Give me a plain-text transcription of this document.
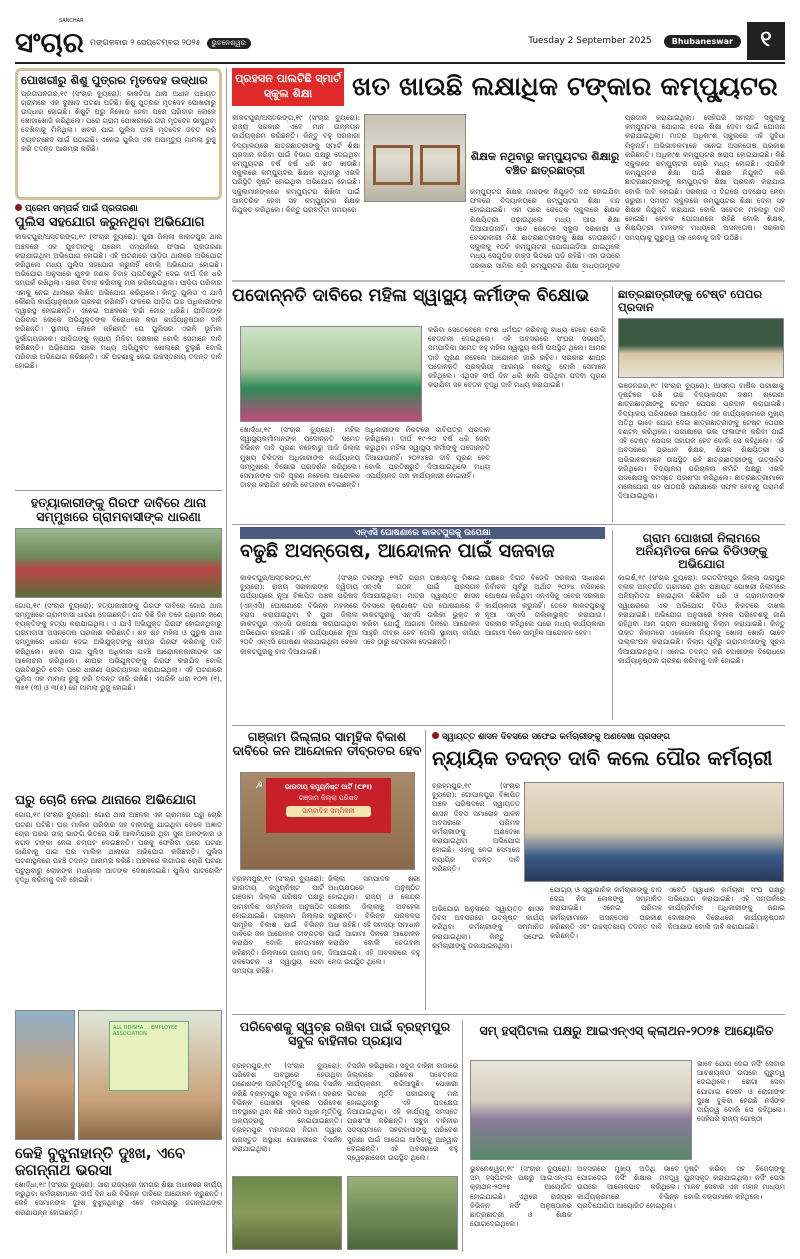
SANCHAR
ସଂଚାର ମଙ୍ଗଳବାର ୨ ସେପ୍ଟେମ୍ବର ୨୦୨୫	ଭୁବନେଶ୍ୱର	Tuesday 2 September 2025	Bhubaneswar	୧
ପୋଖରୀରୁ ଶିଶୁ ପୁତ୍ରର ମୃତଦେହ ଉଦ୍ଧାର
ପ୍ରତାପନଗର,୧୯ (ସଂଚାର ବ୍ୟୁରୋ): କାକଟିଆ ଥାନା ଅଧୀନ ପଞ୍ଚାୟତ ଗ୍ରାମରେ ଏକ ଦୁଃଖଦ ଘଟଣା ଘଟିଛି। ଶିଶୁ ପୁତ୍ରର ମୃତଦେହ ପୋଖରୀରୁ ଉଦ୍ଧାର ହୋଇଛି। ଶିଶୁଟି ଘରୁ ନିଖୋଜ ହେବା ପରେ ପରିବାର ଲୋକେ ଖୋଜାଖୋଜି କରିଥିଲେ। ପରେ ଗ୍ରାମ ପୋଖରୀରେ ତାର ମୃତଦେହ ଭାସୁଥିବା ଦେଖିବାକୁ ମିଳିଥିଲା। ଖବର ପାଇ ପୁଲିସ ପହଞ୍ଚି ମୃତଦେହ ଜବତ କରି ବ୍ୟବଚ୍ଛେଦ ପାଇଁ ପଠାଇଛି। ଏନେଇ ପୁଲିସ ଏକ ଅପମୃତ୍ୟୁ ମାମଲା ରୁଜୁ କରି ତଦନ୍ତ ଆରମ୍ଭ କରିଛି।
ପ୍ରେମ ସମ୍ପର୍କ ପାଇଁ ପ୍ରତାରଣା
ପୁଲିସ ସହଯୋଗ କରୁନଥିବା ଅଭିଯୋଗ
କାକଟପୁର/ଅସ୍ତରଙ୍ଗ,୧୯ (ସଂଚାର ବ୍ୟୁରୋ): ପୁରୀ ଜିଲ୍ଲା କାକଟପୁର ଥାନା ଅଞ୍ଚଳରେ ଏକ ଯୁବତୀଙ୍କୁ ପ୍ରେମ ସମ୍ପର୍କରେ ଫସାଇ ପ୍ରତାରଣା କରାଯାଇଥିବା ଅଭିଯୋଗ ହୋଇଛି। ଏହି ଘଟଣାରେ ପୀଡ଼ିତା ଥାନାରେ ଅଭିଯୋଗ କରିଥିଲେ ମଧ୍ୟ ପୁଲିସ ସହଯୋଗ କରୁନାହିଁ ବୋଲି ଅଭିଯୋଗ ହୋଇଛି। ଅଭିଯୋଗ ଅନୁସାରେ ଯୁବକ ଜଣକ ବିବାହ ପ୍ରତିଶ୍ରୁତି ଦେଇ ଦୀର୍ଘ ଦିନ ଧରି ସମ୍ପର୍କ ରଖିଥିଲା। ପରେ ବିବାହ କରିବାକୁ ମନା କରିଦେଇଥିଲା। ପୀଡ଼ିତା ପରିବାର ଏହାକୁ ନେଇ ଥାନାରେ ଲିଖିତ ଅଭିଯୋଗ କରିଥିଲେ। କିନ୍ତୁ ପୁଲିସ ଏ ଯାଏଁ କୌଣସି କାର୍ଯ୍ୟାନୁଷ୍ଠାନ ଗ୍ରହଣ କରିନାହିଁ। ଫଳରେ ପୀଡ଼ିତା ଉଚ୍ଚ ଅଧିକାରୀଙ୍କ ଦ୍ୱାରସ୍ଥ ହୋଇଛନ୍ତି। ଏନେଇ ଅଞ୍ଚଳରେ ଚର୍ଚ୍ଚା ଜୋର ଧରିଛି। ପୀଡ଼ିତାଙ୍କ ପରିବାର ଲୋକେ ଅଭିଯୁକ୍ତଙ୍କ ବିରୋଧରେ କଡ଼ା କାର୍ଯ୍ୟାନୁଷ୍ଠାନ ଦାବି କରିଛନ୍ତି। ସ୍ଥାନୀୟ ଲୋକେ କହିଛନ୍ତି ଯେ ପୁଲିସର ଏଭଳି ଭୂମିକା ଦୁର୍ଭାଗ୍ୟଜନକ। ପୀଡ଼ିତାଙ୍କୁ ନ୍ୟାୟ ମିଳିବା ଦରକାର ବୋଲି ସେମାନେ ଦାବି କରିଛନ୍ତି। ଅଭିଯୋଗ ପରେ ମଧ୍ୟ ଅଭିଯୁକ୍ତ ଖୋଲାରେ ବୁଲୁଛି ବୋଲି ପରିବାର ଅଭିଯୋଗ କରିଛନ୍ତି। ଏହି ଘଟଣାକୁ ନେଇ ଉଚ୍ଚସ୍ତରୀୟ ତଦନ୍ତ ଦାବି ହୋଇଛି।
ହତ୍ୟାକାରୀଙ୍କୁ ଗିରଫ ଦାବିରେ ଥାନା ସମ୍ମୁଖରେ ଗ୍ରାମବାସୀଙ୍କ ଧାରଣା
ଗୋପ,୧୯ (ସଂଚାର ବ୍ୟୁରୋ): ହତ୍ୟାକାରୀଙ୍କୁ ଗିରଫ ଦାବିରେ ଗୋପ ଥାନା ସମ୍ମୁଖରେ ଗ୍ରାମବାସୀ ଧାରଣା ଦେଇଛନ୍ତି। ଗତ କିଛି ଦିନ ତଳେ ଗ୍ରାମର ଜଣେ ବ୍ୟକ୍ତିଙ୍କୁ ହତ୍ୟା କରାଯାଇଥିଲା। ଏ ଯାଏଁ ଅଭିଯୁକ୍ତ ଗିରଫ ହୋଇନଥିବାରୁ ଗ୍ରାମବାସୀ ଅସନ୍ତୋଷ ପ୍ରକାଶ କରିଛନ୍ତି। ଶହ ଶହ ମହିଳା ଓ ପୁରୁଷ ଥାନା ସମ୍ମୁଖରେ ଧାରଣା ଦେଇ ଅଭିଯୁକ୍ତଙ୍କୁ ଶୀଘ୍ର ଗିରଫ କରିବାକୁ ଦାବି କରିଥିଲେ। ଖବର ପାଇ ପୁଲିସ ଅଧିକାରୀ ପହଞ୍ଚି ଆନ୍ଦୋଳନକାରୀଙ୍କ ସହ ଆଲୋଚନା କରିଥିଲେ। ଶୀଘ୍ର ଅଭିଯୁକ୍ତଙ୍କୁ ଗିରଫ କରାଯିବ ବୋଲି ପ୍ରତିଶ୍ରୁତି ଦେବା ପରେ ଧାରଣା ପ୍ରତ୍ୟାହାର କରାଯାଇଥିଲା। ଏହି ଘଟଣାରେ ପୁଲିସ ଏକ ମାମଲା ରୁଜୁ କରି ତଦନ୍ତ ଜାରି ରଖିଛି। ଏପରିକି ଧାରା ୧୦୩ (୧), ୩୫୧ (୩) ଓ ୩(୫) ରେ ମାମଲା ରୁଜୁ ହୋଇଛି।
ଘରୁ ଚୋରି ନେଇ ଥାନାରେ ଅଭିଯୋଗ
ଗୋପ,୧୯ (ସଂଚାର ବ୍ୟୁରୋ): ଗୋପ ଥାନା ଅଞ୍ଚଳର ଏକ ଗ୍ରାମରେ ଘରୁ ଚୋରି ଘଟଣା ଘଟିଛି। ଘର ମାଲିକ ପରିବାର ସହ ବାହାରକୁ ଯାଇଥିବା ବେଳେ ଅଜ୍ଞାତ ଚୋର ଘରର ତାଲା ଭାଙ୍ଗି ଭିତରେ ପଶି ଆଲମିରାରେ ଥିବା ସୁନା ଅଳଙ୍କାର ଓ ନଗଦ ଟଙ୍କା ନେଇ ଚମ୍ପଟ ଦେଇଛନ୍ତି। ଘରକୁ ଫେରିବା ପରେ ଘଟଣା ଜାଣିବାକୁ ପାଇ ଘର ମାଲିକ ଥାନାରେ ଅଭିଯୋଗ କରିଛନ୍ତି। ପୁଲିସ ଘଟଣାସ୍ଥଳରେ ପହଞ୍ଚି ତଦନ୍ତ ଆରମ୍ଭ କରିଛି। ଅଞ୍ଚଳରେ ଲଗାତାର ଚୋରି ଘଟଣା ଘଟୁଥିବାରୁ ଲୋକଙ୍କ ମଧ୍ୟରେ ଆତଙ୍କ ଦେଖାଦେଇଛି। ପୁଲିସ ପାଟ୍ରୋଲିଂ ବୃଦ୍ଧି କରିବାକୁ ଦାବି ହୋଇଛି।
ALL ODISHA ... EMPLOYEE ASSOCIATION
କେହି ବୁଝୁନାହାନ୍ତି ଦୁଃଖ, ଏବେ ଜଗନ୍ନାଥ ଭରସା
ଖୋର୍ଦ୍ଧା,୧୯ (ସଂଚାର ବ୍ୟୁରୋ): ସାରା ରାଜ୍ୟରେ ସମଗ୍ର ଶିକ୍ଷା ଅଧୀନରେ କାର୍ଯ୍ୟ କରୁଥିବା କର୍ମଚାରୀମାନେ ଦୀର୍ଘ ଦିନ ଧରି ବିଭିନ୍ନ ଦାବିରେ ଆନ୍ଦୋଳନ କରୁଛନ୍ତି। କେହି ସେମାନଙ୍କ ଦୁଃଖ ବୁଝୁନଥିବାରୁ ଏବେ ମହାପ୍ରଭୁ ଜଗନ୍ନାଥଙ୍କ ଶରଣାପନ୍ନ ହୋଇଛନ୍ତି।
ପ୍ରହସନ ପାଲଟିଛି ସ୍ମାର୍ଟ ସ୍କୁଲ ଶିକ୍ଷା	ଖତ ଖାଉଛି ଲକ୍ଷାଧିକ ଟଙ୍କାର କମ୍ପ୍ୟୁଟର
କାକଟପୁର/ଅସ୍ତରଙ୍ଗ,୧୯ (ସଂଚାର ବ୍ୟୁରୋ): ରାଜ୍ୟ ସରକାର ଏବେ ମାନ ଉନ୍ନୟନ କାର୍ଯ୍ୟକ୍ରମ କରିଛନ୍ତି। କିନ୍ତୁ ବହୁ ସରକାରୀ ବିଦ୍ୟାଳୟରେ ଛାତ୍ରଛାତ୍ରୀଙ୍କୁ ସ୍ମାର୍ଟ ଶିକ୍ଷା ପ୍ରଦାନ କରିବା ପାଇଁ ବିଭାଗ ପକ୍ଷରୁ ଦେଇଥିବା କମ୍ପ୍ୟୁଟର ବର୍ଷ ବର୍ଷ ଧରି ଖତ ଖାଉଛି। ସ୍କୁଲରେ କମ୍ପ୍ୟୁଟର ଶିକ୍ଷକ ନଥିବାରୁ ଏଭଳି ପରିସ୍ଥିତି ସୃଷ୍ଟି ହୋଇଥିବା ଅଭିଯୋଗ ହୋଇଛି। ସ୍କୁଲମାନଙ୍କରେ କମ୍ପ୍ୟୁଟର ଶିଖିବା ପାଇଁ ଆନ୍ତରିକ ହେବା ସହ କମ୍ପ୍ୟୁଟର ଶିକ୍ଷକ ନିଯୁକ୍ତ କରିଥିଲେ। କିନ୍ତୁ ପରବର୍ତ୍ତୀ ସମୟରେ
ଶିକ୍ଷକ ନଥିବାରୁ କମ୍ପ୍ୟୁଟର ଶିକ୍ଷାରୁ ବଞ୍ଚିତ ଛାତ୍ରଛାତ୍ରୀ
କମ୍ପ୍ୟୁଟର ଶିକ୍ଷକ ମାନଙ୍କ ନିଯୁକ୍ତି ବନ୍ଦ ହୋଇଯିବା ଫଳରେ ବିଦ୍ୟାଳୟରେ କମ୍ପ୍ୟୁଟର ଶିକ୍ଷା ବନ୍ଦ ହୋଇଯାଇଛି। ଏହା ପରେ କେତେକ ସ୍କୁଲରେ ଶିକ୍ଷକ ଶିକ୍ଷୟିତ୍ରୀ ପଢ଼ାଉଥିଲେ ମଧ୍ୟ ଆଉ ଶିକ୍ଷା ଦିଆଯାଉନାହିଁ। ଏବେ କେତେକ ସ୍କୁଲ ସରକାରୀ ଓ ବେସରକାରୀ ମିଶି ଛାତ୍ରଛାତ୍ରୀଙ୍କୁ ଶିକ୍ଷା ଦେଉଛନ୍ତି। ସ୍କୁଲକୁ ୧୦ଟି କମ୍ପ୍ୟୁଟର ଯୋଗାଇଦିଆ ଯାଇଥିଲେ ମଧ୍ୟ ସେଗୁଡ଼ିକ ବାକ୍ସ ଭିତରେ ପଡ଼ି ରହିଛି। ଏହା ଉପରେ ସରକାର ସାମିଲ କରି କମ୍ପ୍ୟୁଟର ଶିକ୍ଷା ବାଧ୍ୟତାମୂଳକ
ପ୍ରଦାନ କରାଯାଇଥିଲା। ସେହିପରି ସମସ୍ତ ସ୍କୁଲକୁ କମ୍ପ୍ୟୁଟର ଯୋଗାଇ ଦେଇ ଶିକ୍ଷା ଦେବା ପାଇଁ ଯୋଜନା କରାଯାଇଥିଲା। ମାତ୍ର ଅଧିକାଂଶ ସ୍କୁଲରେ ଏହି ସୁବିଧା ମିଳୁନାହିଁ। ଅଭିଭାବକମାନେ ଏନେଇ ଅସନ୍ତୋଷ ପ୍ରକାଶ କରିଛନ୍ତି। ଅଧିକାଂଶ କମ୍ପ୍ୟୁଟର ଖରାପ ହୋଇଯାଇଛି। କିଛି ସ୍କୁଲରେ କମ୍ପ୍ୟୁଟର ଚୋରି ମଧ୍ୟ ହୋଇଛି। ଏପରିକି କମ୍ପ୍ୟୁଟର ଶିକ୍ଷା ପାଇଁ ଶିକ୍ଷକ ନିଯୁକ୍ତି କରି ଛାତ୍ରଛାତ୍ରୀଙ୍କୁ କମ୍ପ୍ୟୁଟର ଶିକ୍ଷା ପ୍ରଦାନ କରାଯାଉ ବୋଲି ଦାବି ହୋଇଛି। ସରକାର ଏ ଦିଗରେ ପଦକ୍ଷେପ ନେବା ଜରୁରୀ। ସମସ୍ତ ସ୍କୁଲରେ କମ୍ପ୍ୟୁଟର ଶିକ୍ଷା ଦେବା ସହ ଶିକ୍ଷକ ନିଯୁକ୍ତି କରାଯାଉ ବୋଲି ସଚେତନ ମହଲରୁ ଦାବି ହୋଇଛି। କେବଳ ଯୋଗାଣରେ ରହିଛି ବୋଲି ଶିକ୍ଷକ, ଶିକ୍ଷୟିତ୍ରୀ ମାନଙ୍କ ମଧ୍ୟରେ ଅସନ୍ତୋଷ। ସରକାର ସମସ୍ୟାକୁ ଗୁରୁତ୍ୱ ସହ ନେବାକୁ ଦାବି ଉଠିଛି।
ପଦୋନ୍ନତି ଦାବିରେ ମହିଳା ସ୍ୱାସ୍ଥ୍ୟ କର୍ମୀଙ୍କ ବିକ୍ଷୋଭ
କରିବା ସେତେବେଳେ ବାଂଶ ଧର୍ମଘଟ କରିବାକୁ ବାଧ୍ୟ ହେବେ ବୋଲି ଚେତାବନୀ ଦେଇଥିଲେ। ଏହି ଅବସରରେ ସଂଘର ସଭାପତି, ସମ୍ପାଦିକା ସମେତ ବହୁ ମହିଳା ସ୍ୱାସ୍ଥ୍ୟ କର୍ମୀ ଉପସ୍ଥିତ ଥିଲେ। ଆମର ଦାବି ପୂରଣ ନହେଲେ ଆନ୍ଦୋଳନ ଜାରି ରହିବ। ସରକାର ଶୀଘ୍ର ପଦୋନ୍ନତି ପ୍ରକ୍ରିୟା ଆରମ୍ଭ କରନ୍ତୁ ବୋଲି ସେମାନେ କହିଥିଲେ। ଏଥିସହ ଦୀର୍ଘ ଦିନ ଧରି ଖାଲି ପଡ଼ିଥିବା ପଦବୀ ପୂରଣ କରାଯିବା ସହ ବେତନ ବୃଦ୍ଧି ଦାବି ମଧ୍ୟ କରାଯାଇଛି।
ଖୋର୍ଦ୍ଧା,୧୯ (ସଂଚାର ବ୍ୟୁରୋ): ମହିଳା ସ୍ୱାସ୍ଥ୍ୟକର୍ମୀମାନଙ୍କ ପଦୋନ୍ନତି ସମେତ ବିଭିନ୍ନ ଦାବି ପୂରଣ ନହେବାରୁ ଆଜି ଜିଲ୍ଲା ମୁଖ୍ୟ ଚିକିତ୍ସା ଅଧିକାରୀଙ୍କ କାର୍ଯ୍ୟାଳୟ ସମ୍ମୁଖରେ ବିକ୍ଷୋଭ ପ୍ରଦର୍ଶନ କରିଥିଲେ। ସେମାନଙ୍କ ଦାବି ପୂରଣ ନହେଲେ ଆନ୍ଦୋଳନ ତୀବ୍ର କରାଯିବ ବୋଲି ଚେତାବନୀ ଦେଇଛନ୍ତି।
ଅଧିକାରୀଙ୍କ ନିକଟରେ ଦାବିପତ୍ର ପ୍ରଦାନ କରିଥିଲେ। ଦୀର୍ଘ ୧୯-୨୦ ବର୍ଷ ଧରି ସେବା କରୁଥିବା ମହିଳା ସ୍ୱାସ୍ଥ୍ୟ କର୍ମୀଙ୍କୁ ପଦୋନ୍ନତି ଦିଆଯାଉନାହିଁ। ୨୦୨୪ରେ ଦାବି ପୂରଣ ହେବ ବୋଲି ପ୍ରତିଶ୍ରୁତି ଦିଆଯାଇଥିଲେ ମଧ୍ୟ ଏପର୍ଯ୍ୟନ୍ତ ତାହା କାର୍ଯ୍ୟକାରୀ ହୋଇନାହିଁ।
ଛାତ୍ରଛାତ୍ରୀଙ୍କୁ ଟେଷ୍ଟ ପେପର ପ୍ରଦାନ
ଭଞ୍ଜନଗର,୧୯ (ସଂଚାର ବ୍ୟୁରୋ): ଆସନ୍ତା ବାର୍ଷିକ ପରୀକ୍ଷାକୁ ଦୃଷ୍ଟିରେ ରଖି ଉଚ୍ଚ ବିଦ୍ୟାଳୟର ଦଶମ ଶ୍ରେଣୀ ଛାତ୍ରଛାତ୍ରୀଙ୍କୁ ଟେଷ୍ଟ ପେପର ପ୍ରଦାନ କରାଯାଇଛି। ବିଦ୍ୟାଳୟ ପରିସରରେ ଆୟୋଜିତ ଏକ କାର୍ଯ୍ୟକ୍ରମରେ ମୁଖ୍ୟ ଅତିଥି ଭାବେ ଯୋଗ ଦେଇ ଛାତ୍ରଛାତ୍ରୀଙ୍କୁ ଟେଷ୍ଟ ପେପର ବଣ୍ଟନ କରିଥିଲେ। ପରୀକ୍ଷାରେ ଭଲ ଫଳାଫଳ କରିବା ପାଇଁ ଏହି ଟେଷ୍ଟ ପେପର ସହାୟକ ହେବ ବୋଲି ସେ କହିଥିଲେ। ଏହି ଅବସରରେ ପ୍ରଧାନ ଶିକ୍ଷକ, ଶିକ୍ଷକ ଶିକ୍ଷୟିତ୍ରୀ ଓ ଅଭିଭାବକମାନେ ଉପସ୍ଥିତ ରହି ଛାତ୍ରଛାତ୍ରୀଙ୍କୁ ଉତ୍ସାହିତ କରିଥିଲେ। ବିଦ୍ୟାଳୟ ପରିଚାଳନା କମିଟି ପକ୍ଷରୁ ଏଭଳି ପଦକ୍ଷେପକୁ ସମସ୍ତେ ପ୍ରଶଂସା କରିଥିଲେ। ଛାତ୍ରଛାତ୍ରୀମାନେ ମନୋଯୋଗ ସହ ପାଠପଢ଼ି ପରୀକ୍ଷାରେ ସଫଳ ହେବାକୁ ପରାମର୍ଶ ଦିଆଯାଇଥିଲା।
ଏନ୍‌ଏସି ଘୋଷଣାରେ କାକଟପୁରକୁ ଉପେକ୍ଷା
ବଢୁଛି ଅସନ୍ତୋଷ, ଆନ୍ଦୋଳନ ପାଇଁ ସଜବାଜ
କାକଟପୁର/ଅସ୍ତରଙ୍ଗ,୧୯ (ସଂଚାର ବ୍ୟୁରୋ): ରାଜ୍ୟ ସରକାରଙ୍କ ଦ୍ୱିତୀୟ ପର୍ଯ୍ୟାୟରେ ନୂଆ ବିଜ୍ଞାପିତ ଅଞ୍ଚଳ ପରିଷଦ (ଏନ୍ଏସି) ଘୋଷଣାରେ ବିଭିନ୍ନ ମହଲରେ ହ୍ରାସ କରାଯାଇଥିବା ବି ପୁରୀ ଜିଲ୍ଲା କାକଟପୁର ଏନ୍ଏସି ଉପେକ୍ଷା କରାଯାଇଥିବା ଅଭିଯୋଗ ହୋଇଛି। ଏହି ପର୍ଯ୍ୟାୟରେ ନୂଆ ୨୦ଟି ଏନ୍ଏସି ଘୋଷଣା କରାଯାଇଥିବା ବେଳେ କାକଟପୁରକୁ ବାଦ ଦିଆଯାଇଛି।
ତରଫରୁ ୧୩ଟି ଗ୍ରାମ ପଞ୍ଚାୟତକୁ ମିଶାଇ ଏନ୍ଏସି ଗଠନ ପାଇଁ ପ୍ରସ୍ତାବ ଦିଆଯାଇଥିଲା। ମାତ୍ର ସ୍ୱାୟତ୍ତ ଶାସନ ଦିବସରେ କୃଷ୍ଣାଷ୍ଟ ପର ଘୋଷଣାରେ ବି କାକଟପୁରକୁ ଏନ୍ଏସି ତାଲିକା ଭୁକ୍ତ ନ କରିବା ଯୋଗୁଁ ଆଗାମୀ ଦିନରେ ଆନ୍ଦୋଳନ ଆହୁରି ତୀବ୍ର ହେବ ବୋଲି ସ୍ଥାନୀୟ ବାସିନ୍ଦା ଏବେ ଠାରୁ ଚେତାବନୀ ଦେଇଛନ୍ତି।
ପକ୍ଷରେ ବିଗତ ବିଜେଡି ସରକାର ସାଧାରଣ ନିର୍ବାଚନ ପୂର୍ବରୁ ଅର୍ଥାତ ୨୦୨୪ ମସିହାରେ ଘୋଷଣା କରିଥିବା ଏନ୍ଏସିକୁ ଏବେର ସରକାର କାର୍ଯ୍ୟକାରୀ କରୁନାହିଁ। ତେବେ କାକଟପୁରକୁ ନୂଆ ଏନ୍ଏସି ତାଲିକାଭୁକ୍ତ କରାଯାଉ। ସରକାର କହିଥିଲେ ପରେ ମଧ୍ୟ କାର୍ଯ୍ୟକାରୀ ଆଗାମୀ ଦିନେ ସାମୂହିକ ଆନ୍ଦୋଳନ ହେବ।
ଗ୍ରାମ ପୋଖରୀ ନିଲାମରେ ଅନିୟମିତତା ନେଇ ବିଡିଓଙ୍କୁ ଅଭିଯୋଗ
କାଇଶଁ,୧୯ (ସଂଚାର ବ୍ୟୁରୋ): ଜଗତସିଂହପୁର ଜିଲ୍ଲା ତାରାପୁର ବ୍ଲକ ଅନ୍ତର୍ଗତ ଗ୍ରାମରେ ଥିବା ପଞ୍ଚାୟତ ପୋଖରୀ ନିଲାମରେ ଅନିୟମିତତା ହୋଇଥିବା କିଛିଦିନ ଧରି ଓ ଗ୍ରାମବାସୀଙ୍କ ସ୍ୱାକ୍ଷରରେ ଏକ ଅଭିଯୋଗ ବିଡିଓ ନିକଟରେ ଦାଖଲ କରାଯାଇଛି। ଅଭିଯୋଗ ଅନୁସାରେ ବ୍ଲକ ପରିବେଶକୁ ଜାଣି ରହିଥିବା ଆମ ଗ୍ରାମ ପୋଖରୀକୁ ନିଲାମ କରାଯାଇଛି। କିନ୍ତୁ ଉକ୍ତ ନିଲାମରେ ଏକୋଲେ ନିୟମକୁ ଖୋଲା ଖୋଲି ଭାବେ ଉଲ୍ଲଂଘନ କରାଯାଇଛି। ନିଲାମ ପୂର୍ବରୁ ଗ୍ରାମବାସୀଙ୍କୁ ସୂଚନା ଦିଆଯାଇନଥିଲା। ଏନେଇ ତଦନ୍ତ କରି ଦୋଷୀଙ୍କ ବିରୋଧରେ କାର୍ଯ୍ୟାନୁଷ୍ଠାନ ଗ୍ରହଣ କରିବାକୁ ଦାବି ହୋଇଛି।
ଗଞ୍ଜାମ ଜିଲ୍ଲାର ସାମୂହିକ ବିକାଶ ଦାବିରେ ଜନ ଆନ୍ଦୋଳନ ତୀବ୍ରତର ହେବ
ଭାରତୀୟ କମ୍ୟୁନିଷ୍ଟ ପାର୍ଟି (CPI)
ଗଞ୍ଜାମ ଜିଲ୍ଲା ପରିଷଦ
ସାମ୍ବାଦିକ ସମ୍ମିଳନୀ
☭
ବ୍ରହ୍ମପୁର,୧୯ (ସଂଚାର ବ୍ୟୁରୋ): ଭାରତୀୟ କମ୍ୟୁନିଷ୍ଟ ପାର୍ଟି ଗଞ୍ଜାମ ଜିଲ୍ଲା ପରିଷଦ ପକ୍ଷରୁ ସାମ୍ବାଦିକ ସମ୍ମିଳନୀ ଅନୁଷ୍ଠିତ ହୋଇଯାଇଛି। ଗଞ୍ଜାମ ଜିଲ୍ଲାର ସାମୂହିକ ବିକାଶ ପାଇଁ ବିଭିନ୍ନ ଦାବିରେ ଜନ ଆନ୍ଦୋଳନ ତୀବ୍ରତର କରାଯିବ ବୋଲି ନେତାମାନେ କହିଛନ୍ତି। ଜିଲ୍ଲାରେ ପାନୀୟ ଜଳ, ଜଳସେଚନ ଓ ସ୍ୱାସ୍ଥ୍ୟ ସେବା ସମସ୍ୟା ରହିଛି।
ଜିଲ୍ଲା ସମ୍ପାଦକ ଶ୍ରୀ ଅଧ୍ୟକ୍ଷତାରେ ଅନୁଷ୍ଠିତ ହୋଇଥିଲା। ରାଜ୍ୟ ଓ କେନ୍ଦ୍ର ସରକାର ଜିଲ୍ଲାକୁ ଅବହେଳା କରୁଛନ୍ତି। ବିଭିନ୍ନ ପ୍ରକଳ୍ପ ଅଧା ରହିଛି। ଏହି ସମସ୍ୟା ସମାଧାନ ପାଇଁ ଆଗାମୀ ଦିନରେ ଆନ୍ଦୋଳନ କରାଯିବ ବୋଲି ଚେତାବନୀ ଦିଆଯାଇଛି। ଏହି ଅବସରରେ ବହୁ ନେତା ଉପସ୍ଥିତ ଥିଲେ।
ସ୍ୱାୟତ୍ତ ଶାସନ ଦିବସରେ ସଫେଇ କର୍ମଚାରୀଙ୍କୁ ଅଣଦେଖା ପ୍ରସଙ୍ଗ
ନ୍ୟାୟିକ ତଦନ୍ତ ଦାବି କଲେ ପୌର କର୍ମଚାରୀ
ବ୍ରହ୍ମପୁର,୧୯ (ସଂଚାର ବ୍ୟୁରୋ): ଗୋପାଳପୁର ବିଜ୍ଞାପିତ ଅଞ୍ଚଳ ପରିଷଦରେ ସ୍ୱାୟତ୍ତ ଶାସନ ଦିବସ ସମାରୋହ ପାଳନ ଅବସରରେ ପରିମଳ କର୍ମଚାରୀଙ୍କୁ ଅଣଦେଖା କରାଯାଇଥିବା ଅଭିଯୋଗ ହୋଇଛି। ଏହାକୁ ନେଇ ସେମାନେ ନ୍ୟାୟିକ ତଦନ୍ତ ଦାବି କରିଛନ୍ତି।
ଅଭିଯୋଗ ଅନୁସାରେ ସ୍ୱାୟତ୍ତ ଶାସନ ଦିବସ ଅବସରରେ ଉତ୍କୃଷ୍ଟ କାର୍ଯ୍ୟ କରିଥିବା କର୍ମଚାରୀଙ୍କୁ ସମ୍ମାନିତ କରାଯାଇଥିଲା। କିନ୍ତୁ ସଫେଇ କର୍ମଚାରୀଙ୍କୁ ଡକାଯାଇନଥିଲା।
ଯୋଗ୍ୟ ଓ ସ୍ୱାଭାବିକ କର୍ମଚାରୀଙ୍କୁ ବାଦ ଦେଇ ନିଜ ଲୋକଙ୍କୁ ସମ୍ମାନିତ କରାଯାଇଛି। ଏନେଇ ପରିମଳ କର୍ମଚାରୀମାନେ ଅସନ୍ତୋଷ ପ୍ରକାଶ କରିଛନ୍ତି ଏବଂ ଉଚ୍ଚସ୍ତରୀୟ ତଦନ୍ତ ଦାବି କରିଛନ୍ତି।
ଏବେଠି ସ୍ୱାଧୀନ କର୍ମଚାରୀ ସଂଘ ପକ୍ଷରୁ ଅଭିଯୋଗ କରାଯାଇଛି। ଏହି ସମ୍ପର୍କରେ କାର୍ଯ୍ୟନିର୍ବାହୀ ଅଧିକାରୀଙ୍କୁ ଜଣାଇ ଦୋଷୀଙ୍କ ବିରୋଧରେ କାର୍ଯ୍ୟାନୁଷ୍ଠାନ ନିଆଯାଉ ବୋଲି ଦାବି କରାଯାଇଛି।
ପରିବେଶକୁ ସ୍ୱଚ୍ଛ ରଖିବା ପାଇଁ ବ୍ରହ୍ମପୁର ସବୁଜ ବାହିନୀର ପ୍ରୟାସ
ବ୍ରହ୍ମପୁର,୧୯ (ସଂଚାର ବ୍ୟୁରୋ): ପରିବେଶ ଅବସ୍ଥାରେ ହେଉଥିବା ଗଣେଶଙ୍କ ପ୍ରତିମୂର୍ତ୍ତିକୁ ନେଇ ବିସର୍ଜନ କରିଛି ବ୍ରହ୍ମପୁର ସବୁଜ ବାହିନୀ। ସହରର ବିଭିନ୍ନ ପୋଖରୀ କୂଳରେ ପରିବେଶ ଅବସ୍ଥାରେ ଥିବା କିଛି ଏକାଠି ଅଧିକ ମୂର୍ତ୍ତିକୁ ଅନ୍ୟତ୍ରକୁ ନେଇଯାଇଛନ୍ତି। ବ୍ରହ୍ମପୁର ମହାନଗର ନିଗମ ଦ୍ୱାରା ପ୍ରସ୍ତୁତ ଅସ୍ଥାୟୀ ପୋଖରୀରେ ବିସର୍ଜନ କରାଯାଇଥିଲା।
ବିସର୍ଜନ କରିଥିଲେ। ସବୁଜ ବାହିନୀ ବାଜାରେ ଜିଲ୍ଲାରେ ପରିବେଶ ସଚେତନତା କାର୍ଯ୍ୟକ୍ରମ କରିଆସୁଛି। ପୋଖରୀ ଭିତରେ ମୂର୍ତ୍ତି ପକାଇବାକୁ ମନା ହୋଇଥିବାରୁ ଏହି ପଦକ୍ଷେପ ନିଆଯାଇଥିଲା। ଏହି କାର୍ଯ୍ୟକୁ ସମସ୍ତେ ପ୍ରଶଂସା କରିଛନ୍ତି। ସବୁଜ ବାହିନୀର ସଦସ୍ୟମାନେ ସହରବାସୀଙ୍କୁ ପରିବେଶ ସୁରକ୍ଷା ପାଇଁ ଆଗେଇ ଆସିବାକୁ ଆହ୍ୱାନ ଦେଇଛନ୍ତି। ଏହି ଅବସରରେ ବହୁ ସ୍ୱେଚ୍ଛାସେବୀ ଉପସ୍ଥିତ ଥିଲେ।
ସମ୍ ହସ୍ପିଟାଲ ପକ୍ଷରୁ ଆଇଏନ୍ଏସ୍ କ୍ଲାଥନ-୨୦୨୫ ଆୟୋଜିତ
ଭାବେ ଯୋଗ ଦେଇ ନର୍ସିଂ ସେବାର ଆବଶ୍ୟକତା ଉପରେ ଗୁରୁତ୍ୱ ଦେଇଥିଲେ। ରୋଗୀ ସେବା ଯୋଗାଇ ଦେବେ ଓ ରୋଗୀଙ୍କ ଦୁଃଖ ବୁଝିବା ହେଉଛି ନର୍ସଙ୍କ ଦାୟିତ୍ୱ ବୋଲି ସେ କହିଥିଲେ। ସେହିପରି ରାଜ୍ୟ ଗୋଷ୍ଠୀ
ଭୁବନେଶ୍ୱର,୧୯ (ସଂଚାର ବ୍ୟୁରୋ): ସମ୍ ହସ୍ପିଟାଲ ପକ୍ଷରୁ ଆଇଏନ୍ଏସ୍ କ୍ଲାଥନ-୨୦୨୫ ଆୟୋଜିତ ହୋଇଯାଇଛି। ଏଥିରେ ରାଜ୍ୟର ବିଭିନ୍ନ ନର୍ସିଂ ଅନୁଷ୍ଠାନର ଛାତ୍ରଛାତ୍ରୀ ଓ ଶିକ୍ଷକ ଯୋଗଦେଇଥିଲେ।
ଅବସରରେ ମୁଖ୍ୟ ଅତିଥି ଭାବେ ଯୋଗଦେଇ ନର୍ସିଂ ଶିକ୍ଷାର ମହତ୍ତ୍ୱ ଉପରେ ଆଲୋକପାତ କରିଥିଲେ। କାର୍ଯ୍ୟକ୍ରମରେ ବିଭିନ୍ନ ପ୍ରତିଯୋଗିତା ଆୟୋଜିତ ହୋଇଥିଲା।
ଦୃଷ୍ଟି କରିବା ସହ ବିଜେତାଙ୍କୁ ପୁରସ୍କୃତ କରାଯାଇଥିଲା। ନର୍ସିଂ ପେସା ମାନବ ସେବାର ଏକ ମହାନ ମାଧ୍ୟମ ବୋଲି ବକ୍ତାମାନେ କହିଥିଲେ।
